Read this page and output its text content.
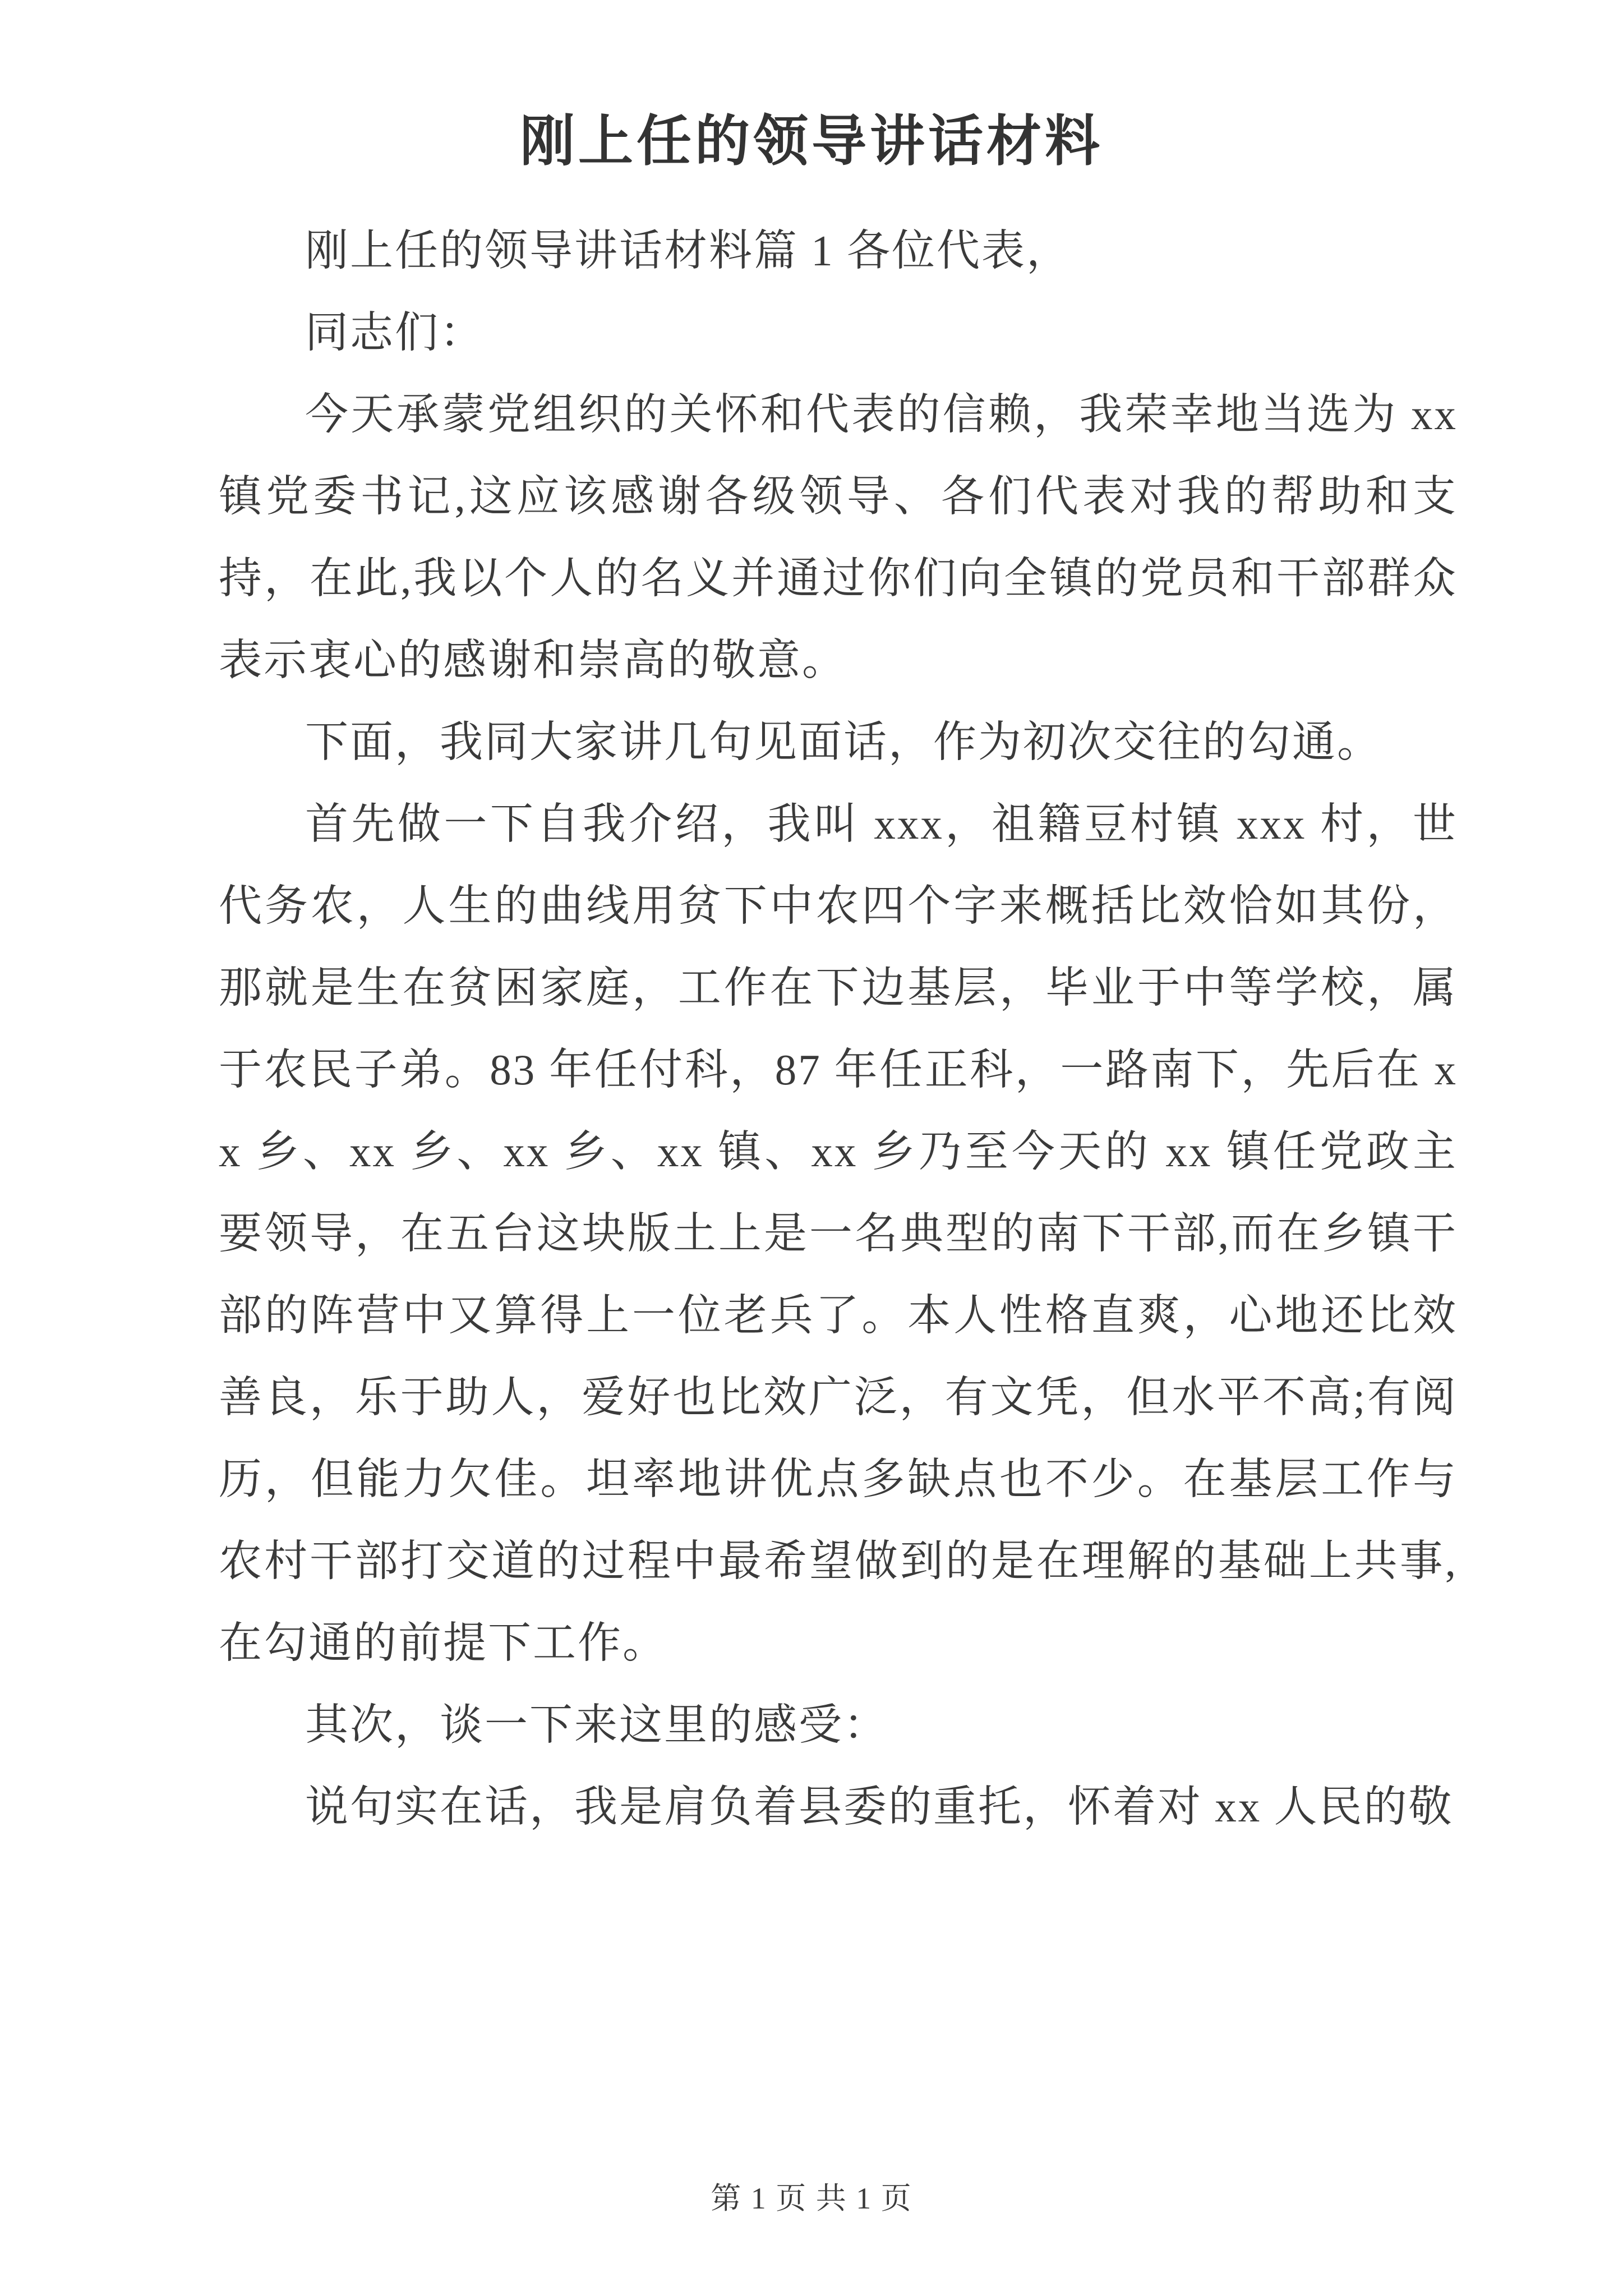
刚上任的领导讲话材料

刚上任的领导讲话材料篇 1 各位代表，

同志们：

今天承蒙党组织的关怀和代表的信赖，我荣幸地当选为 xx 镇党委书记,这应该感谢各级领导、各们代表对我的帮助和支持，在此,我以个人的名义并通过你们向全镇的党员和干部群众表示衷心的感谢和崇高的敬意。

下面，我同大家讲几句见面话，作为初次交往的勾通。

首先做一下自我介绍，我叫 xxx，祖籍豆村镇 xxx 村，世代务农，人生的曲线用贫下中农四个字来概括比效恰如其份，那就是生在贫困家庭，工作在下边基层，毕业于中等学校，属于农民子弟。83 年任付科，87 年任正科，一路南下，先后在 xx 乡、xx 乡、xx 乡、xx 镇、xx 乡乃至今天的 xx 镇任党政主要领导，在五台这块版土上是一名典型的南下干部,而在乡镇干部的阵营中又算得上一位老兵了。本人性格直爽，心地还比效善良，乐于助人，爱好也比效广泛，有文凭，但水平不高;有阅历，但能力欠佳。坦率地讲优点多缺点也不少。在基层工作与农村干部打交道的过程中最希望做到的是在理解的基础上共事,在勾通的前提下工作。

其次，谈一下来这里的感受：

说句实在话，我是肩负着县委的重托，怀着对 xx 人民的敬

第 1 页 共 1 页
